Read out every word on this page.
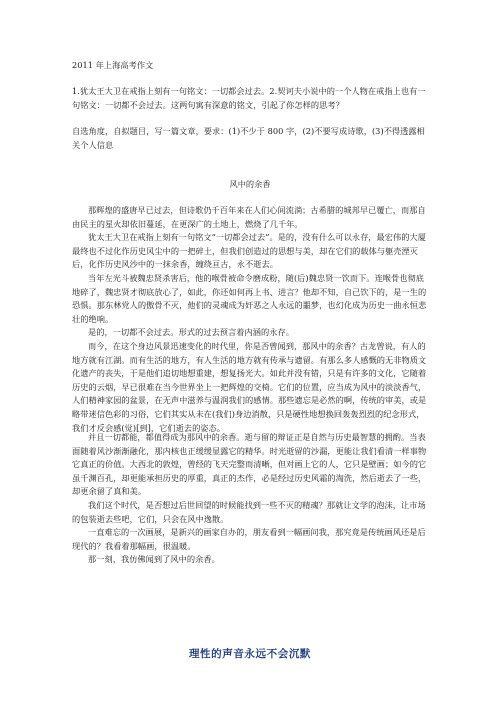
2011 年上海高考作文

1.犹太王大卫在戒指上刻有一句铭文：一切都会过去。2.契诃夫小说中的一个人物在戒指上也有一句铭文：一切都不会过去。这两句寓有深意的铭文，引起了你怎样的思考？

自选角度，自拟题目，写一篇文章，要求：(1)不少于 800 字，(2)不要写成诗歌，(3)不得透露相关个人信息

风中的余香

那辉煌的盛唐早已过去，但诗歌仍千百年来在人们心间流淌；古希腊的城邦早已覆亡，而那自由民主的星火却依旧蔓延，在更深广的土地上，燃烧了几千年。

犹太王大卫在戒指上刻有一句铭文“一切都会过去”。是的，没有什么可以永存，最宏伟的大厦最终也不过化作历史风尘中的一把碎土，但我们创造过的思想与美，却在它们的载体与躯壳湮灭后，化作历史风沙中的一抹余香，缠绕亘古，永不逝去。

当年左光斗被魏忠贤杀害后，他的喉骨被命令磨成粉，随(后)魏忠贤一饮而下。连喉骨也彻底地碎了，魏忠贤才彻底放心了，如此，你还如何再上书、进言？他却不知，自己饮下的，是一生的恐惧。那东林党人的傲骨不灭，他们的灵魂成为奸恶之人永远的噩梦，也幻化成为历史一曲永恒悲壮的绝响。

是的，一切都不会过去。形式的过去预言着内涵的永存。

而今，在这个身边风景迅速变化的时代里，你是否曾闻到，那风中的余香？古龙曾说，有人的地方就有江湖。而有生活的地方，有人生活的地方就有传承与遗留。有那么多人感慨的无非物质文化遗产的丧失，于是他们追切地想重建，想复扬光大。如此并没有错，只是有许多的文化，它随着历史的云烟，早已很难在当今世界坐上一把辉煌的交椅。它们的位置，应当成为风中的淡淡香气，人们精神家园的盆景，在无声中滋养与温润我们的感情。那些遗忘是必然的啊，传统的审美，或是略带迷信色彩的习俗，它们其实从未在(我们)身边消散，只是硬性地想换回轰轰烈烈的纪念形式，我们才反会感(觉)[到]，它们逝去的姿态。

并且一切都能，都值得成为那风中的余香。逝与留的辩证正是自然与历史最智慧的拥酌。当表面随着风沙渐渐融化，那内核也正缓缓显露它的精华。时光逝留的沙漏，更能让我们看清一样事物它真正的价值。大西北的敦煌，曾经的飞天完整而清晰，但对画上它的人，它只是壁画；如今的它虽千渊百孔，却更能承担历史的厚重，真正的杰作，必是经过历史风霜的淘洗，然后逝去了一些，却更余留了真和美。

我们这个时代，是否想过后世回望的时候能找到一些不灭的精魂？那就让文学的泡沫，让市场的包装逝去些吧，它们，只会在风中逸散。

一直难忘的一次画展，是新兴的画家自办的，朋友看到一幅画问我，那究竟是传统画风还是后现代的？我看着那幅画，很温暖。

那一刻，我仿佛闻到了风中的余香。

理性的声音永远不会沉默
